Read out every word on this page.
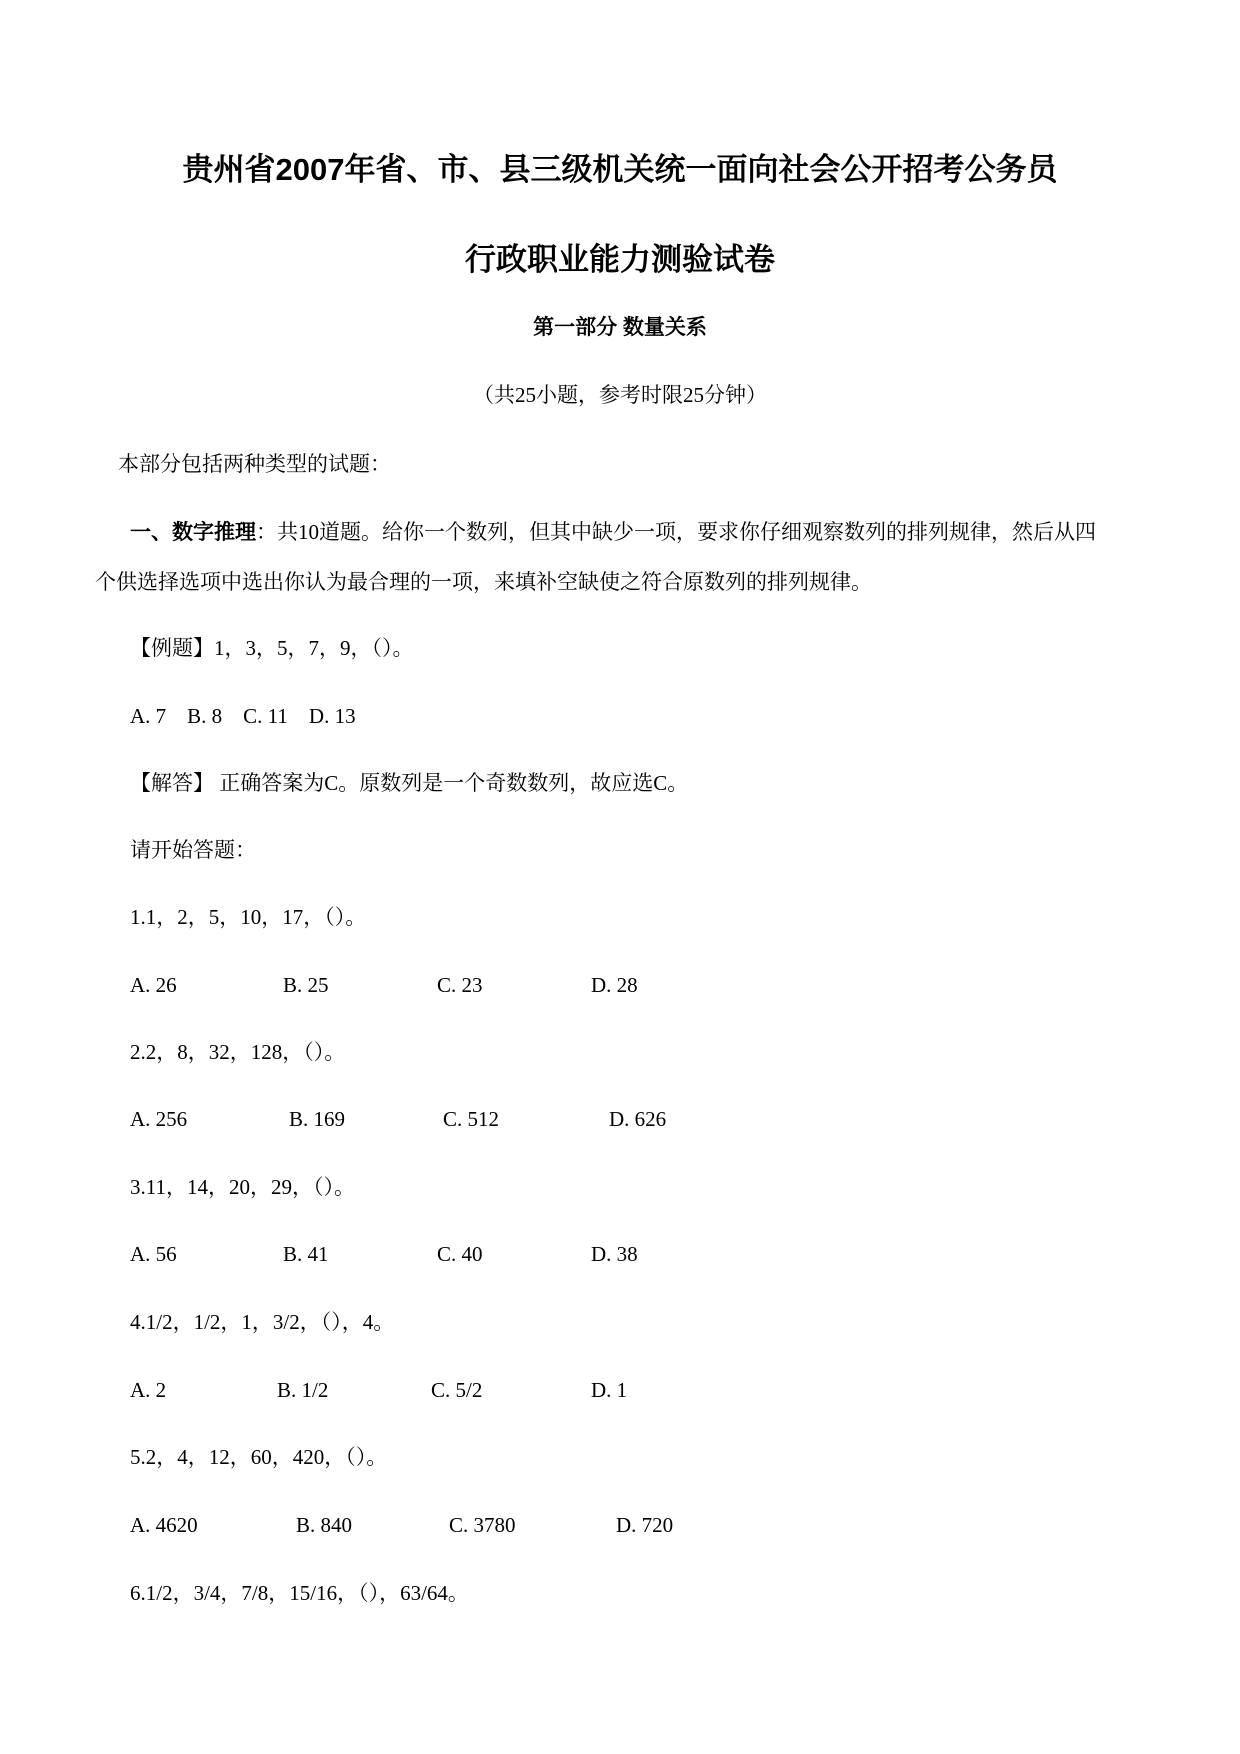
贵州省2007年省、市、县三级机关统一面向社会公开招考公务员
行政职业能力测验试卷
第一部分 数量关系
（共25小题，参考时限25分钟）
本部分包括两种类型的试题：
一、数字推理：共10道题。给你一个数列，但其中缺少一项，要求你仔细观察数列的排列规律，然后从四
个供选择选项中选出你认为最合理的一项，来填补空缺使之符合原数列的排列规律。
【例题】1，3，5，7，9，（）。
A. 7    B. 8    C. 11    D. 13
【解答】 正确答案为C。原数列是一个奇数数列，故应选C。
请开始答题：
1.1，2，5，10，17，（）。
A. 26	B. 25	C. 23	D. 28
2.2，8，32，128，（）。
A. 256	B. 169	C. 512	D. 626
3.11，14，20，29，（）。
A. 56	B. 41	C. 40	D. 38
4.1/2，1/2，1，3/2，（），4。
A. 2	B. 1/2	C. 5/2	D. 1
5.2，4，12，60，420，（）。
A. 4620	B. 840	C. 3780	D. 720
6.1/2，3/4，7/8，15/16，（），63/64。
